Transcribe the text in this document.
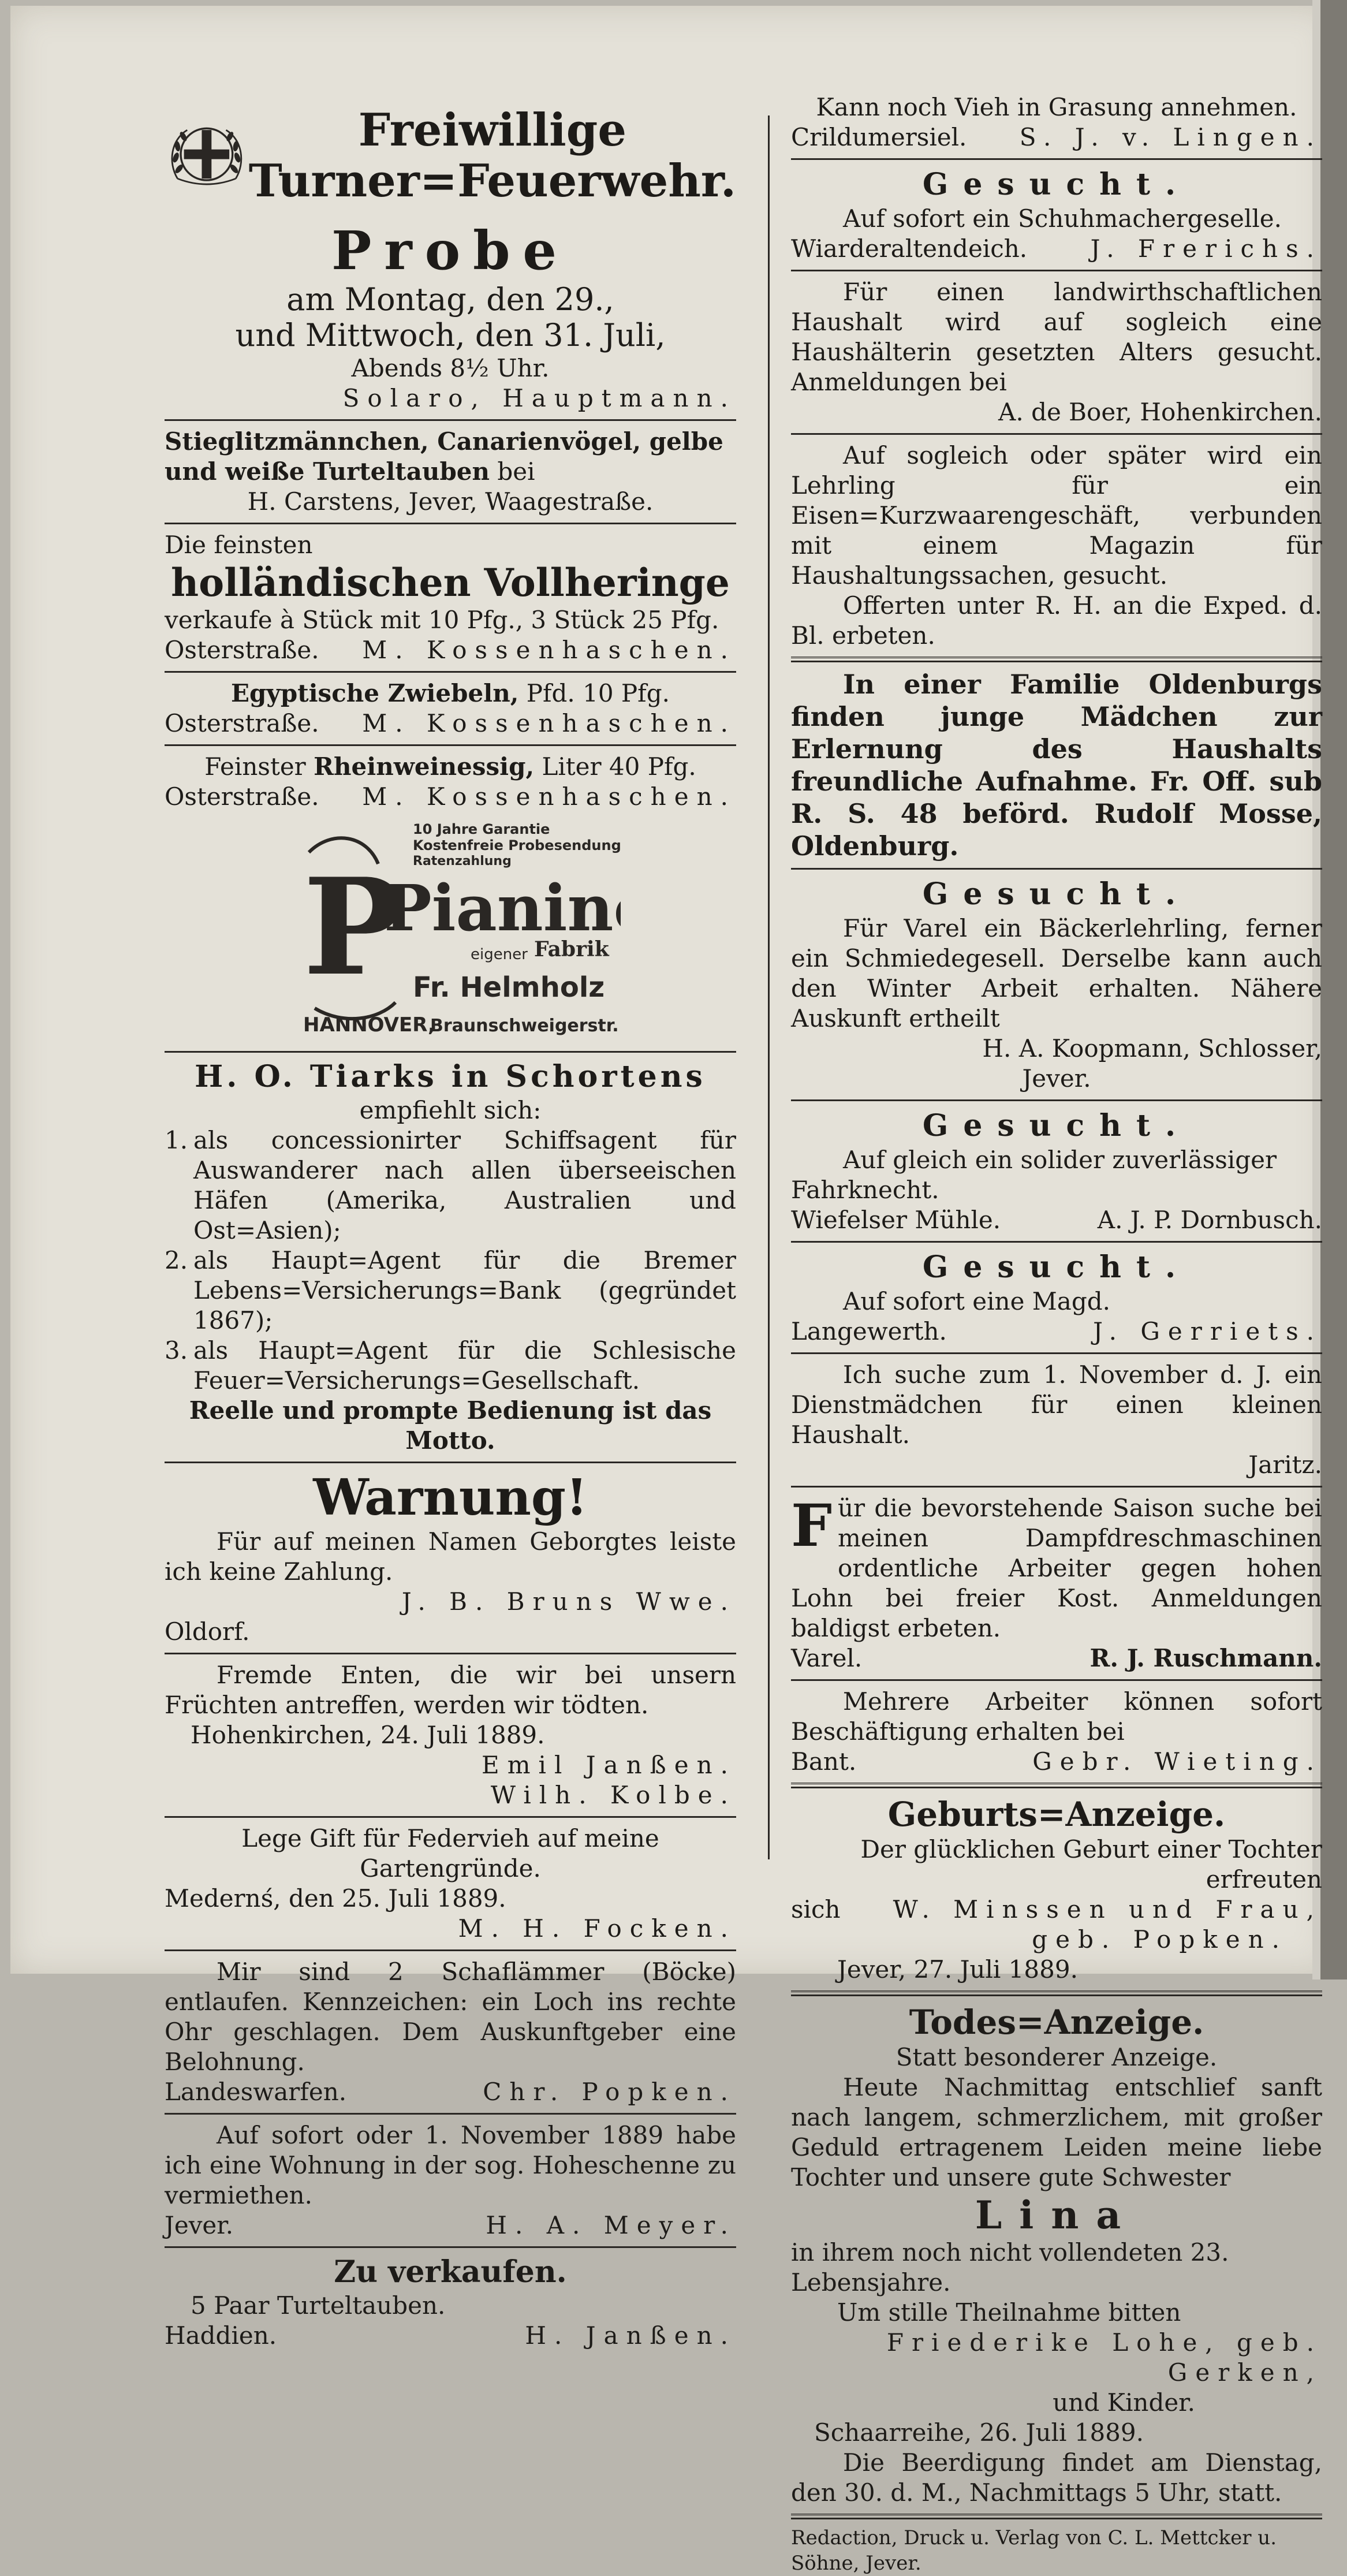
Freiwillige

Turner=Feuerwehr.

Probe

am Montag, den 29.,

und Mittwoch, den 31. Juli,

Abends 8½ Uhr.

Solaro, Hauptmann.

Stieglitzmännchen, Canarienvögel, gelbe

und weiße Turteltauben bei

H. Carstens, Jever, Waagestraße.

Die feinsten

holländischen Vollheringe

verkaufe à Stück mit 10 Pfg., 3 Stück 25 Pfg.

Osterstraße. M. Kossenhaschen.

Egyptische Zwiebeln, Pfd. 10 Pfg.

Osterstraße. M. Kossenhaschen.

Feinster Rheinweinessig, Liter 40 Pfg.

Osterstraße. M. Kossenhaschen.
10 Jahre Garantie
Kostenfreie Probesendung
Ratenzahlung
P
Pianin
eigener Fabrik
Fr. Helmholz
HANNOVER,
Braunschweigerstr.

H. O. Tiarks in Schortens

empfiehlt sich:

1. als concessionirter Schiffsagent für Auswanderer nach allen überseeischen Häfen (Amerika, Australien und Ost=Asien);

2. als Haupt=Agent für die Bremer Lebens=Versicherungs=Bank (gegründet 1867);

3. als Haupt=Agent für die Schlesische Feuer=Versicherungs=Gesellschaft.

Reelle und prompte Bedienung ist das Motto.

Warnung!

Für auf meinen Namen Geborgtes leiste ich keine Zahlung.

J. B. Bruns Wwe.

Oldorf.

Fremde Enten, die wir bei unsern Früchten antreffen, werden wir tödten.

Hohenkirchen, 24. Juli 1889.

Emil Janßen.

Wilh. Kolbe.

Lege Gift für Federvieh auf meine Gartengründe.

Medernś, den 25. Juli 1889.

M. H. Focken.

Mir sind 2 Schaflämmer (Böcke) entlaufen. Kennzeichen: ein Loch ins rechte Ohr geschlagen. Dem Auskunftgeber eine Belohnung.

Landeswarfen.	Chr. Popken.

Auf sofort oder 1. November 1889 habe ich eine Wohnung in der sog. Hoheschenne zu vermiethen.

Jever.	H. A. Meyer.

Zu verkaufen.

5 Paar Turteltauben.

Haddien.	H. Janßen.

Kann noch Vieh in Grasung annehmen.

Crildumersiel. S. J. v. Lingen.

Gesucht.

Auf sofort ein Schuhmachergeselle.

Wiarderaltendeich.	J. Frerichs.

Für einen landwirthschaftlichen Haushalt wird auf sogleich eine Haushälterin gesetzten Alters gesucht. Anmeldungen bei

A. de Boer, Hohenkirchen.

Auf sogleich oder später wird ein Lehrling für ein Eisen=Kurzwaarengeschäft, verbunden mit einem Magazin für Haushaltungssachen, gesucht.

Offerten unter R. H. an die Exped. d. Bl. erbeten.

In einer Familie Oldenburgs finden junge Mädchen zur Erlernung des Haushalts freundliche Aufnahme. Fr. Off. sub R. S. 48 beförd. Rudolf Mosse, Oldenburg.

Gesucht.

Für Varel ein Bäckerlehrling, ferner ein Schmiedegesell. Derselbe kann auch den Winter Arbeit erhalten. Nähere Auskunft ertheilt

H. A. Koopmann, Schlosser,

Jever.

Gesucht.

Auf gleich ein solider zuverlässiger Fahrknecht.

Wiefelser Mühle.	A. J. P. Dornbusch.

Gesucht.

Auf sofort eine Magd.

Langewerth.	J. Gerriets.

Ich suche zum 1. November d. J. ein Dienstmädchen für einen kleinen Haushalt.

Jaritz.

Für die bevorstehende Saison suche bei meinen Dampfdreschmaschinen ordentliche Arbeiter gegen hohen Lohn bei freier Kost. Anmeldungen baldigst erbeten.

Varel.	R. J. Ruschmann.

Mehrere Arbeiter können sofort Beschäftigung erhalten bei

Bant.	Gebr. Wieting.

Geburts=Anzeige.

Der glücklichen Geburt einer Tochter erfreuten

sich W. Minssen und Frau,

geb. Popken.

Jever, 27. Juli 1889.

Todes=Anzeige.

Statt besonderer Anzeige.

Heute Nachmittag entschlief sanft nach langem, schmerzlichem, mit großer Geduld ertragenem Leiden meine liebe Tochter und unsere gute Schwester

Lina

in ihrem noch nicht vollendeten 23. Lebensjahre.

Um stille Theilnahme bitten

Friederike Lohe, geb. Gerken,

und Kinder.

Schaarreihe, 26. Juli 1889.

Die Beerdigung findet am Dienstag, den 30. d. M., Nachmittags 5 Uhr, statt.

Redaction, Druck u. Verlag von C. L. Mettcker u. Söhne, Jever.
